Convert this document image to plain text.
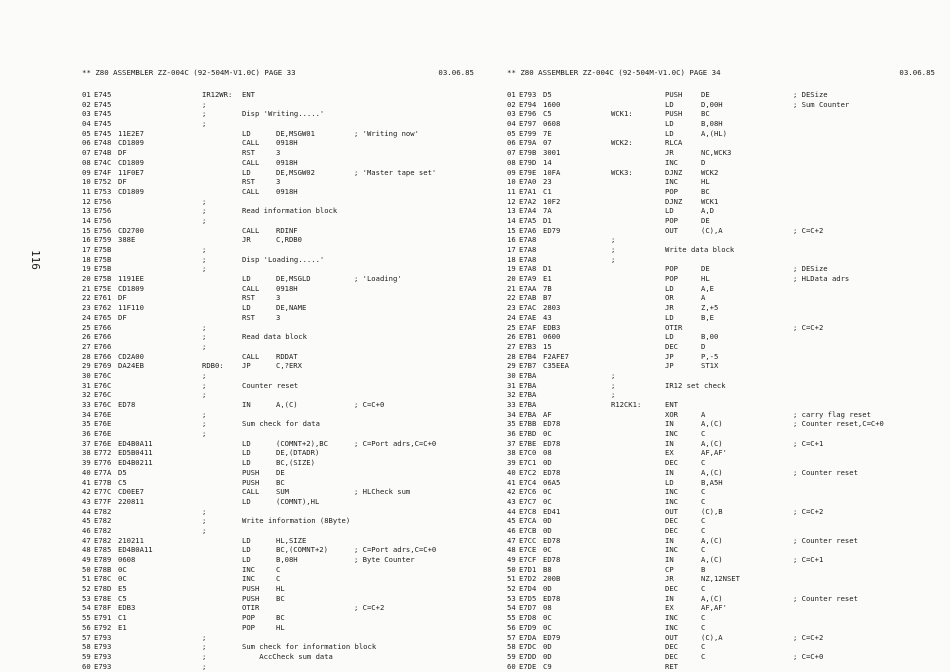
116

** Z80 ASSEMBLER ZZ-004C (92-504M-V1.0C) PAGE 33

	03.06.85

01 E745	IR12WR: ENT
02 E745	;
03 E745	;	Disp 'Writing.....'
04 E745	;
05 E745 11E2E7	LD	DE,MSGW01	; 'Writing now'
06 E748 CD1809	CALL 0918H
07 E74B DF	RST	3
08 E74C CD1809	CALL 0918H
09 E74F 11F0E7	LD	DE,MSGW02	; 'Master tape set'
10 E752 DF	RST	3
11 E753 CD1809	CALL 0918H
12 E756	;
13 E756	;	Read information block
14 E756	;
15 E756 CD2700	CALL RDINF
16 E759 388E	JR	C,RDB0
17 E75B	;
18 E75B	;	Disp 'Loading.....'
19 E75B	;
20 E75B 1191EE	LD	DE,MSGLD	; 'Loading'
21 E75E CD1809	CALL 0918H
22 E761 DF	RST	3
23 E762 11F110	LD	DE,NAME
24 E765 DF	RST	3
25 E766	;
26 E766	;	Read data block
27 E766	;
28 E766 CD2A00	CALL RDDAT
29 E769 DA24EB	RDB0:	JP	C,?ERX
30 E76C	;
31 E76C	;	Counter reset
32 E76C	;
33 E76C ED78	IN	A,(C)	; C=C+0
34 E76E	;
35 E76E	;	Sum check for data
36 E76E	;
37 E76E ED4B0A11	LD	(COMNT+2),BC	; C=Port adrs,C=C+0
38 E772 ED5B0411	LD	DE,(DTADR)
39 E776 ED4B0211	LD	BC,(SIZE)
40 E77A D5	PUSH DE
41 E77B C5	PUSH BC
42 E77C CD0EE7	CALL SUM	; HLCheck sum
43 E77F 220811	LD	(COMNT),HL
44 E782	;
45 E782	;	Write information (8Byte)
46 E782	;
47 E782 210211	LD	HL,SIZE
48 E785 ED4B0A11	LD	BC,(COMNT+2)	; C=Port adrs,C=C+0
49 E789 0608	LD	B,08H	; Byte Counter
50 E78B 0C	INC	C
51 E78C 0C	INC	C
52 E78D E5	PUSH HL
53 E78E C5	PUSH BC
54 E78F EDB3	OTIR	; C=C+2
55 E791 C1	POP	BC
56 E792 E1	POP	HL
57 E793	;
58 E793	;	Sum check for information block
59 E793	;	AccCheck sum data
60 E793	;

** Z80 ASSEMBLER ZZ-004C (92-504M-V1.0C) PAGE 34

	03.06.85

01 E793 D5	PUSH	DE	; DESize
02 E794 1600	LD	D,00H	; Sum Counter
03 E796 C5	WCK1:	PUSH	BC
04 E797 0608	LD	B,08H
05 E799 7E	LD	A,(HL)
06 E79A 07	WCK2:	RLCA
07 E79B 3001	JR	NC,WCK3
08 E79D 14	INC	D
09 E79E 10FA	WCK3:	DJNZ	WCK2
10 E7A0 23	INC	HL
11 E7A1 C1	POP	BC
12 E7A2 10F2	DJNZ	WCK1
13 E7A4 7A	LD	A,D
14 E7A5 D1	POP	DE
15 E7A6 ED79	OUT	(C),A	; C=C+2
16 E7A8	;
17 E7A8	;	Write data block
18 E7A8	;
19 E7A8 D1	POP	DE	; DESize
20 E7A9 E1	POP	HL	; HLData adrs
21 E7AA 7B	LD	A,E
22 E7AB B7	OR	A
23 E7AC 2803	JR	Z,+5
24 E7AE 43	LD	B,E
25 E7AF EDB3	OTIR	; C=C+2
26 E7B1 0600	LD	B,00
27 E7B3 15	DEC	D
28 E7B4 F2AFE7	JP	P,-5
29 E7B7 C35EEA	JP	ST1X
30 E7BA	;
31 E7BA	;	IR12 set check
32 E7BA	;
33 E7BA	R12CK1:	ENT
34 E7BA AF	XOR	A	; carry flag reset
35 E7BB ED78	IN	A,(C)	; Counter reset,C=C+0
36 E7BD 0C	INC	C
37 E7BE ED78	IN	A,(C)	; C=C+1
38 E7C0 08	EX	AF,AF'
39 E7C1 0D	DEC	C
40 E7C2 ED78	IN	A,(C)	; Counter reset
41 E7C4 06A5	LD	B,A5H
42 E7C6 0C	INC	C
43 E7C7 0C	INC	C
44 E7C8 ED41	OUT	(C),B	; C=C+2
45 E7CA 0D	DEC	C
46 E7CB 0D	DEC	C
47 E7CC ED78	IN	A,(C)	; Counter reset
48 E7CE 0C	INC	C
49 E7CF ED78	IN	A,(C)	; C=C+1
50 E7D1 B8	CP	B
51 E7D2 200B	JR	NZ,12NSET
52 E7D4 0D	DEC	C
53 E7D5 ED78	IN	A,(C)	; Counter reset
54 E7D7 08	EX	AF,AF'
55 E7D8 0C	INC	C
56 E7D9 0C	INC	C
57 E7DA ED79	OUT	(C),A	; C=C+2
58 E7DC 0D	DEC	C
59 E7DD 0D	DEC	C	; C=C+0
60 E7DE C9	RET
